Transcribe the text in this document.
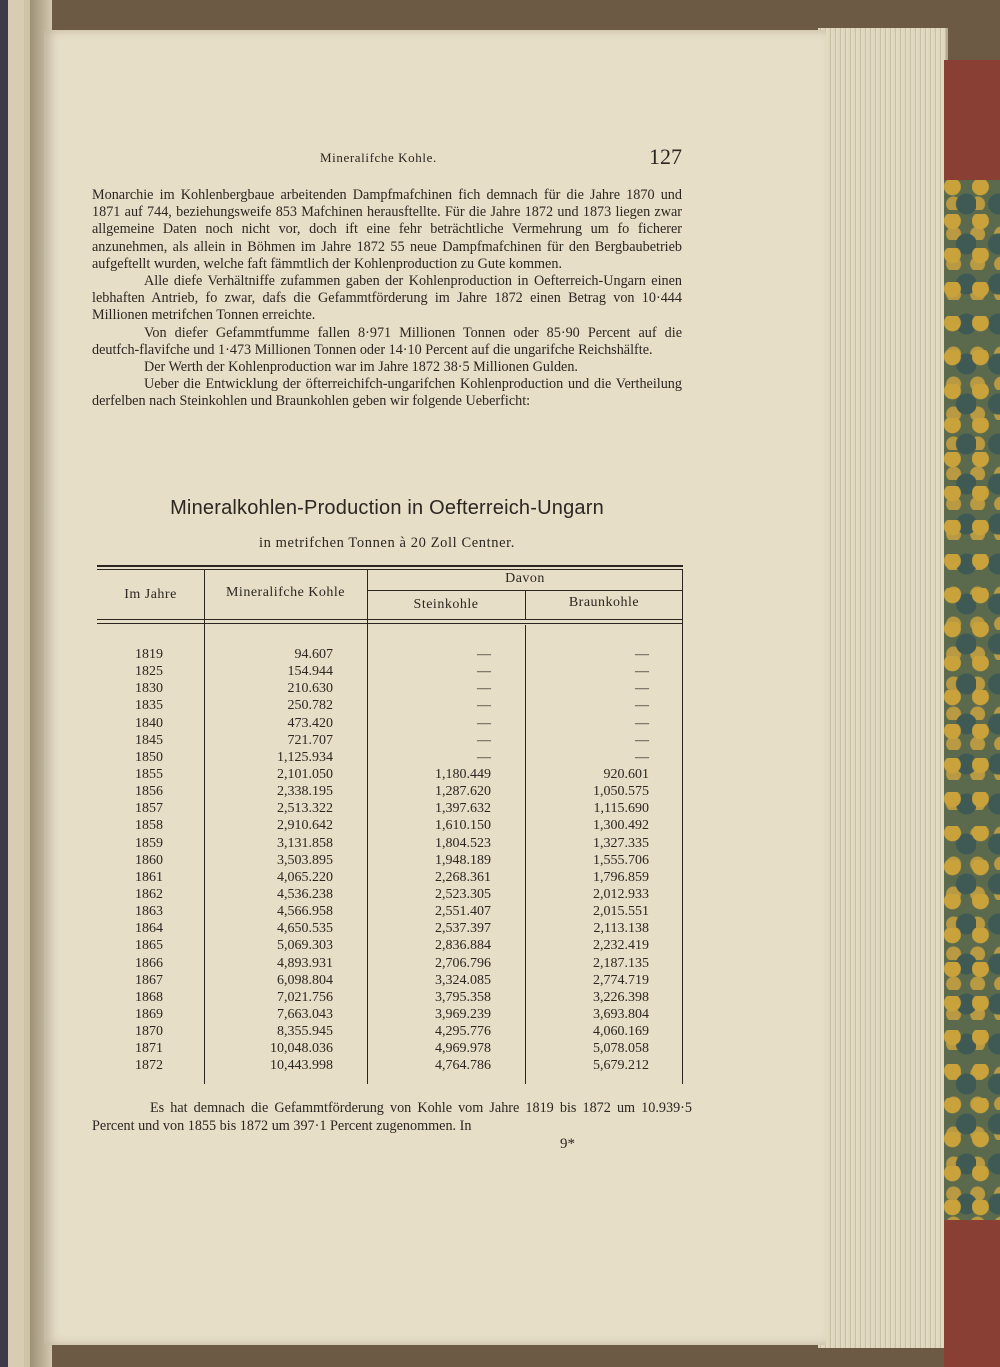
Mineralifche Kohle.	127

Monarchie im Kohlenbergbaue arbeitenden Dampfmafchinen fich demnach für die Jahre 1870 und 1871 auf 744, beziehungsweife 853 Mafchinen herausftellte. Für die Jahre 1872 und 1873 liegen zwar allgemeine Daten noch nicht vor, doch ift eine fehr beträchtliche Vermehrung um fo ficherer anzunehmen, als allein in Böhmen im Jahre 1872 55 neue Dampfmafchinen für den Bergbaubetrieb aufgeftellt wurden, welche faft fämmtlich der Kohlenproduction zu Gute kommen.

Alle diefe Verhältniffe zufammen gaben der Kohlenproduction in Oefterreich-Ungarn einen lebhaften Antrieb, fo zwar, dafs die Gefammtförderung im Jahre 1872 einen Betrag von 10·444 Millionen metrifchen Tonnen erreichte.

Von diefer Gefammtfumme fallen 8·971 Millionen Tonnen oder 85·90 Percent auf die deutfch-flavifche und 1·473 Millionen Tonnen oder 14·10 Percent auf die ungarifche Reichshälfte.

Der Werth der Kohlenproduction war im Jahre 1872 38·5 Millionen Gulden.

Ueber die Entwicklung der öfterreichifch-ungarifchen Kohlenproduction und die Vertheilung derfelben nach Steinkohlen und Braunkohlen geben wir folgende Ueberficht:

Mineralkohlen-Production in Oefterreich-Ungarn
in metrifchen Tonnen à 20 Zoll Centner.
Im Jahre	Mineralifche Kohle
Davon
Steinkohle	Braunkohle
1819	94.607	—	—
1825	154.944	—	—
1830	210.630	—	—
1835	250.782	—	—
1840	473.420	—	—
1845	721.707	—	—
1850	1,125.934	—	—
1855	2,101.050	1,180.449	920.601
1856	2,338.195	1,287.620	1,050.575
1857	2,513.322	1,397.632	1,115.690
1858	2,910.642	1,610.150	1,300.492
1859	3,131.858	1,804.523	1,327.335
1860	3,503.895	1,948.189	1,555.706
1861	4,065.220	2,268.361	1,796.859
1862	4,536.238	2,523.305	2,012.933
1863	4,566.958	2,551.407	2,015.551
1864	4,650.535	2,537.397	2,113.138
1865	5,069.303	2,836.884	2,232.419
1866	4,893.931	2,706.796	2,187.135
1867	6,098.804	3,324.085	2,774.719
1868	7,021.756	3,795.358	3,226.398
1869	7,663.043	3,969.239	3,693.804
1870	8,355.945	4,295.776	4,060.169
1871	10,048.036	4,969.978	5,078.058
1872	10,443.998	4,764.786	5,679.212

Es hat demnach die Gefammtförderung von Kohle vom Jahre 1819 bis 1872 um 10.939·5 Percent und von 1855 bis 1872 um 397·1 Percent zugenommen. In

9*
